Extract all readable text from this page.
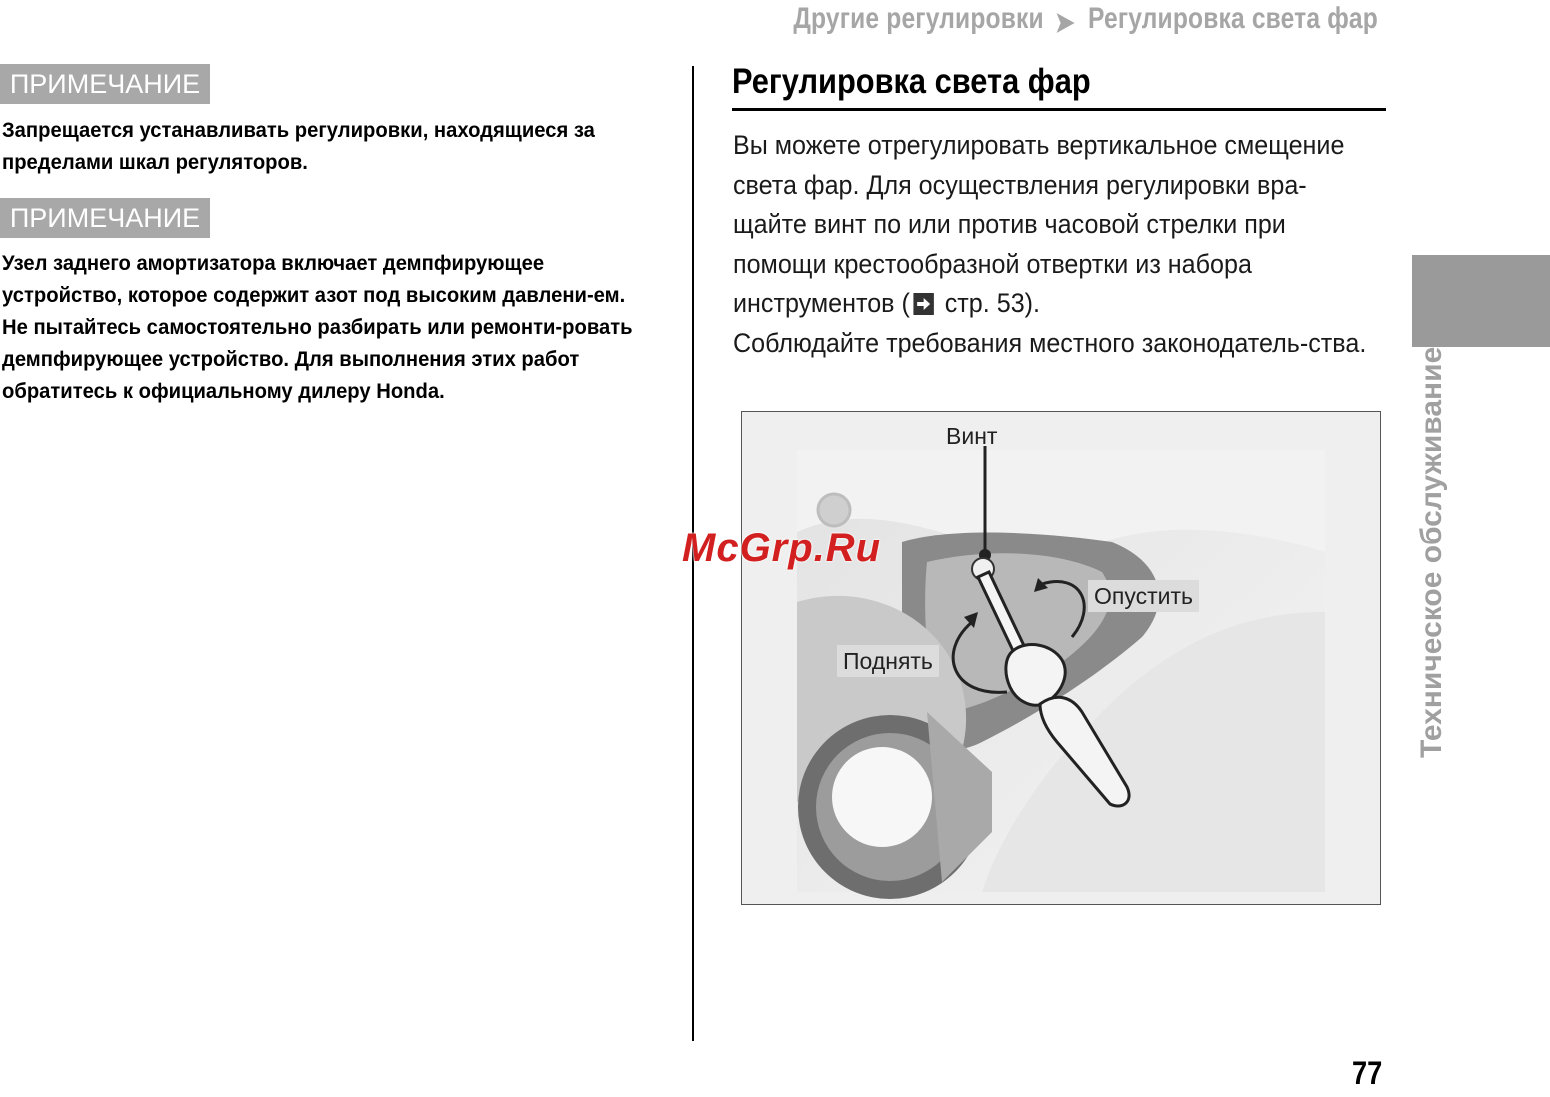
Другие регулировки Регулировка света фар
ПРИМЕЧАНИЕ
Запрещается устанавливать регулировки, находящиеся за пределами шкал регуляторов.
ПРИМЕЧАНИЕ
Узел заднего амортизатора включает демпфирующее устройство, которое содержит азот под высоким давлени-ем. Не пытайтесь самостоятельно разбирать или ремонти-ровать демпфирующее устройство. Для выполнения этих работ обратитесь к официальному дилеру Honda.
Регулировка света фар

Вы можете отрегулировать вертикальное смещение света фар. Для осуществления регулировки вра-щайте винт по или против часовой стрелки при помощи крестообразной отвертки из набора инструментов (
стр. 53).

Соблюдайте требования местного законодатель-ства.

Винт
Опустить
Поднять
McGrp.Ru	Техническое обслуживание
77
